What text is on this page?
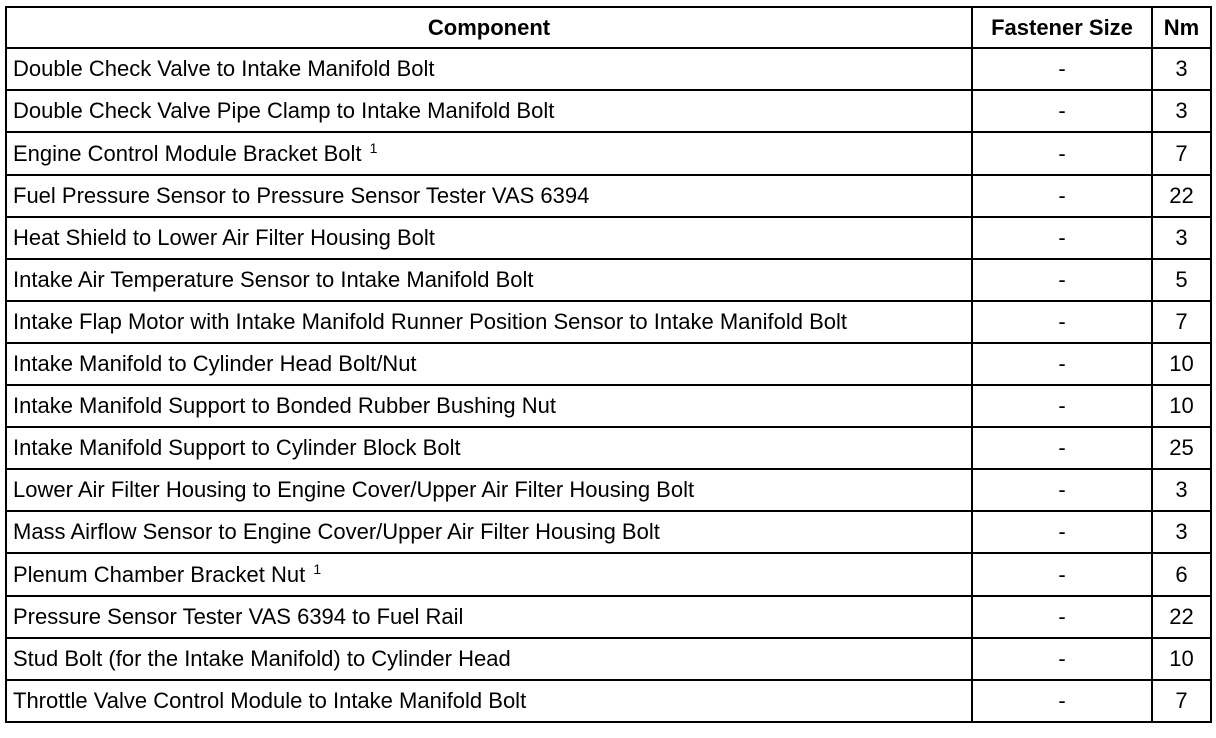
Component	Fastener Size	Nm
Double Check Valve to Intake Manifold Bolt	-	3
Double Check Valve Pipe Clamp to Intake Manifold Bolt	-	3
Engine Control Module Bracket Bolt $^1$	-	7
Fuel Pressure Sensor to Pressure Sensor Tester VAS 6394	-	22
Heat Shield to Lower Air Filter Housing Bolt	-	3
Intake Air Temperature Sensor to Intake Manifold Bolt	-	5
Intake Flap Motor with Intake Manifold Runner Position Sensor to Intake Manifold Bolt	-	7
Intake Manifold to Cylinder Head Bolt/Nut	-	10
Intake Manifold Support to Bonded Rubber Bushing Nut	-	10
Intake Manifold Support to Cylinder Block Bolt	-	25
Lower Air Filter Housing to Engine Cover/Upper Air Filter Housing Bolt	-	3
Mass Airflow Sensor to Engine Cover/Upper Air Filter Housing Bolt	-	3
Plenum Chamber Bracket Nut $^1$	-	6
Pressure Sensor Tester VAS 6394 to Fuel Rail	-	22
Stud Bolt (for the Intake Manifold) to Cylinder Head	-	10
Throttle Valve Control Module to Intake Manifold Bolt	-	7
